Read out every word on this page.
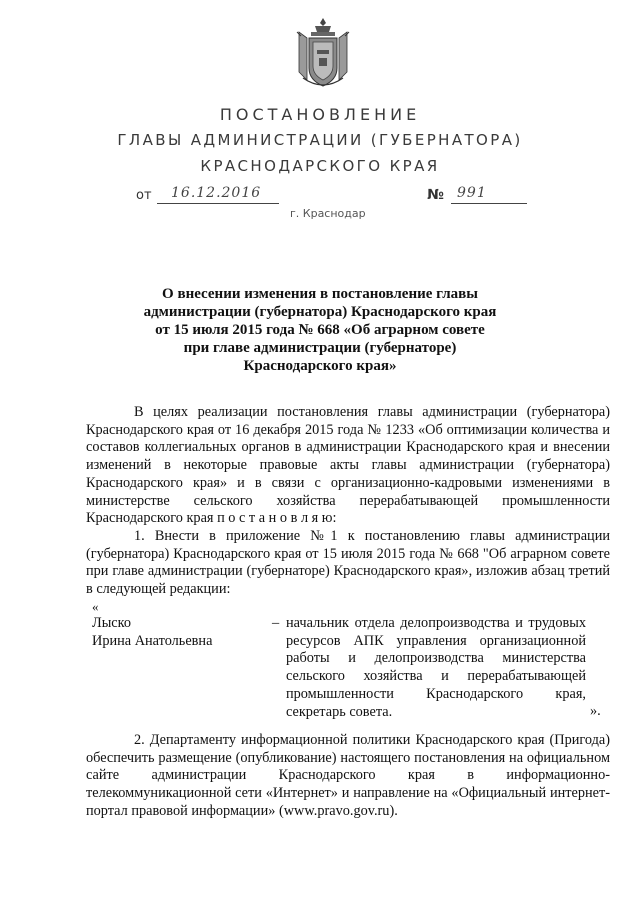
ПОСТАНОВЛЕНИЕ
ГЛАВЫ АДМИНИСТРАЦИИ (ГУБЕРНАТОРА)
КРАСНОДАРСКОГО КРАЯ
от 16.12.2016	№ 991
г. Краснодар
О внесении изменения в постановление главы
администрации (губернатора) Краснодарского края
от 15 июля 2015 года № 668 «Об аграрном совете
при главе администрации (губернаторе)
Краснодарского края»

В целях реализации постановления главы администрации (губернатора) Краснодарского края от 16 декабря 2015 года № 1233 «Об оптимизации количества и составов коллегиальных органов в администрации Краснодарского края и внесении изменений в некоторые правовые акты главы администрации (губернатора) Краснодарского края» и в связи с организационно-кадровыми изменениями в министерстве сельского хозяйства перерабатывающей промышленности Краснодарского края п о с т а н о в л я ю:

1. Внести в приложение №1 к постановлению главы администрации (губернатора) Краснодарского края от 15 июля 2015 года № 668 "Об аграрном совете при главе администрации (губернаторе) Краснодарского края», изложив абзац третий в следующей редакции:

«
Лыско
Ирина Анатольевна
– начальник отдела делопроизводства и трудовых ресурсов АПК управления организационной работы и делопроизводства министерства сельского хозяйства и перерабатывающей промышленности Краснодарского края, секретарь совета.	».

2. Департаменту информационной политики Краснодарского края (Пригода) обеспечить размещение (опубликование) настоящего постановления на официальном сайте администрации Краснодарского края в информационно-телекоммуникационной сети «Интернет» и направление на «Официальный интернет-портал правовой информации» (www.pravo.gov.ru).
